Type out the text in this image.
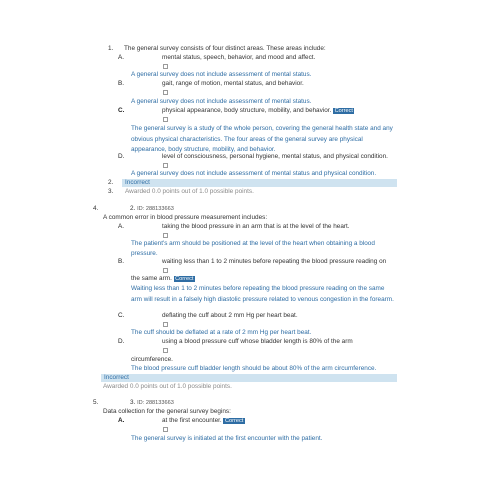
1. The general survey consists of four distinct areas. These areas include:
A.	mental status, speech, behavior, and mood and affect.
A general survey does not include assessment of mental status.
B.	gait, range of motion, mental status, and behavior.
A general survey does not include assessment of mental status.
C.	physical appearance, body structure, mobility, and behavior. Correct
The general survey is a study of the whole person, covering the general health state and any obvious physical characteristics. The four areas of the general survey are physical appearance, body structure, mobility, and behavior.
D.	level of consciousness, personal hygiene, mental status, and physical condition.
A general survey does not include assessment of mental status and physical condition.
2.	Incorrect
3. Awarded 0.0 points out of 1.0 possible points.
4.	2. ID: 288133663
A common error in blood pressure measurement includes:
A.	taking the blood pressure in an arm that is at the level of the heart.
The patient's arm should be positioned at the level of the heart when obtaining a blood pressure.
B.	waiting less than 1 to 2 minutes before repeating the blood pressure reading on
the same arm. Correct
Waiting less than 1 to 2 minutes before repeating the blood pressure reading on the same arm will result in a falsely high diastolic pressure related to venous congestion in the forearm.
C.	deflating the cuff about 2 mm Hg per heart beat.
The cuff should be deflated at a rate of 2 mm Hg per heart beat.
D.	using a blood pressure cuff whose bladder length is 80% of the arm
circumference.
The blood pressure cuff bladder length should be about 80% of the arm circumference.
Incorrect
Awarded 0.0 points out of 1.0 possible points.
5.	3. ID: 288133663
Data collection for the general survey begins:
A.	at the first encounter. Correct
The general survey is initiated at the first encounter with the patient.
